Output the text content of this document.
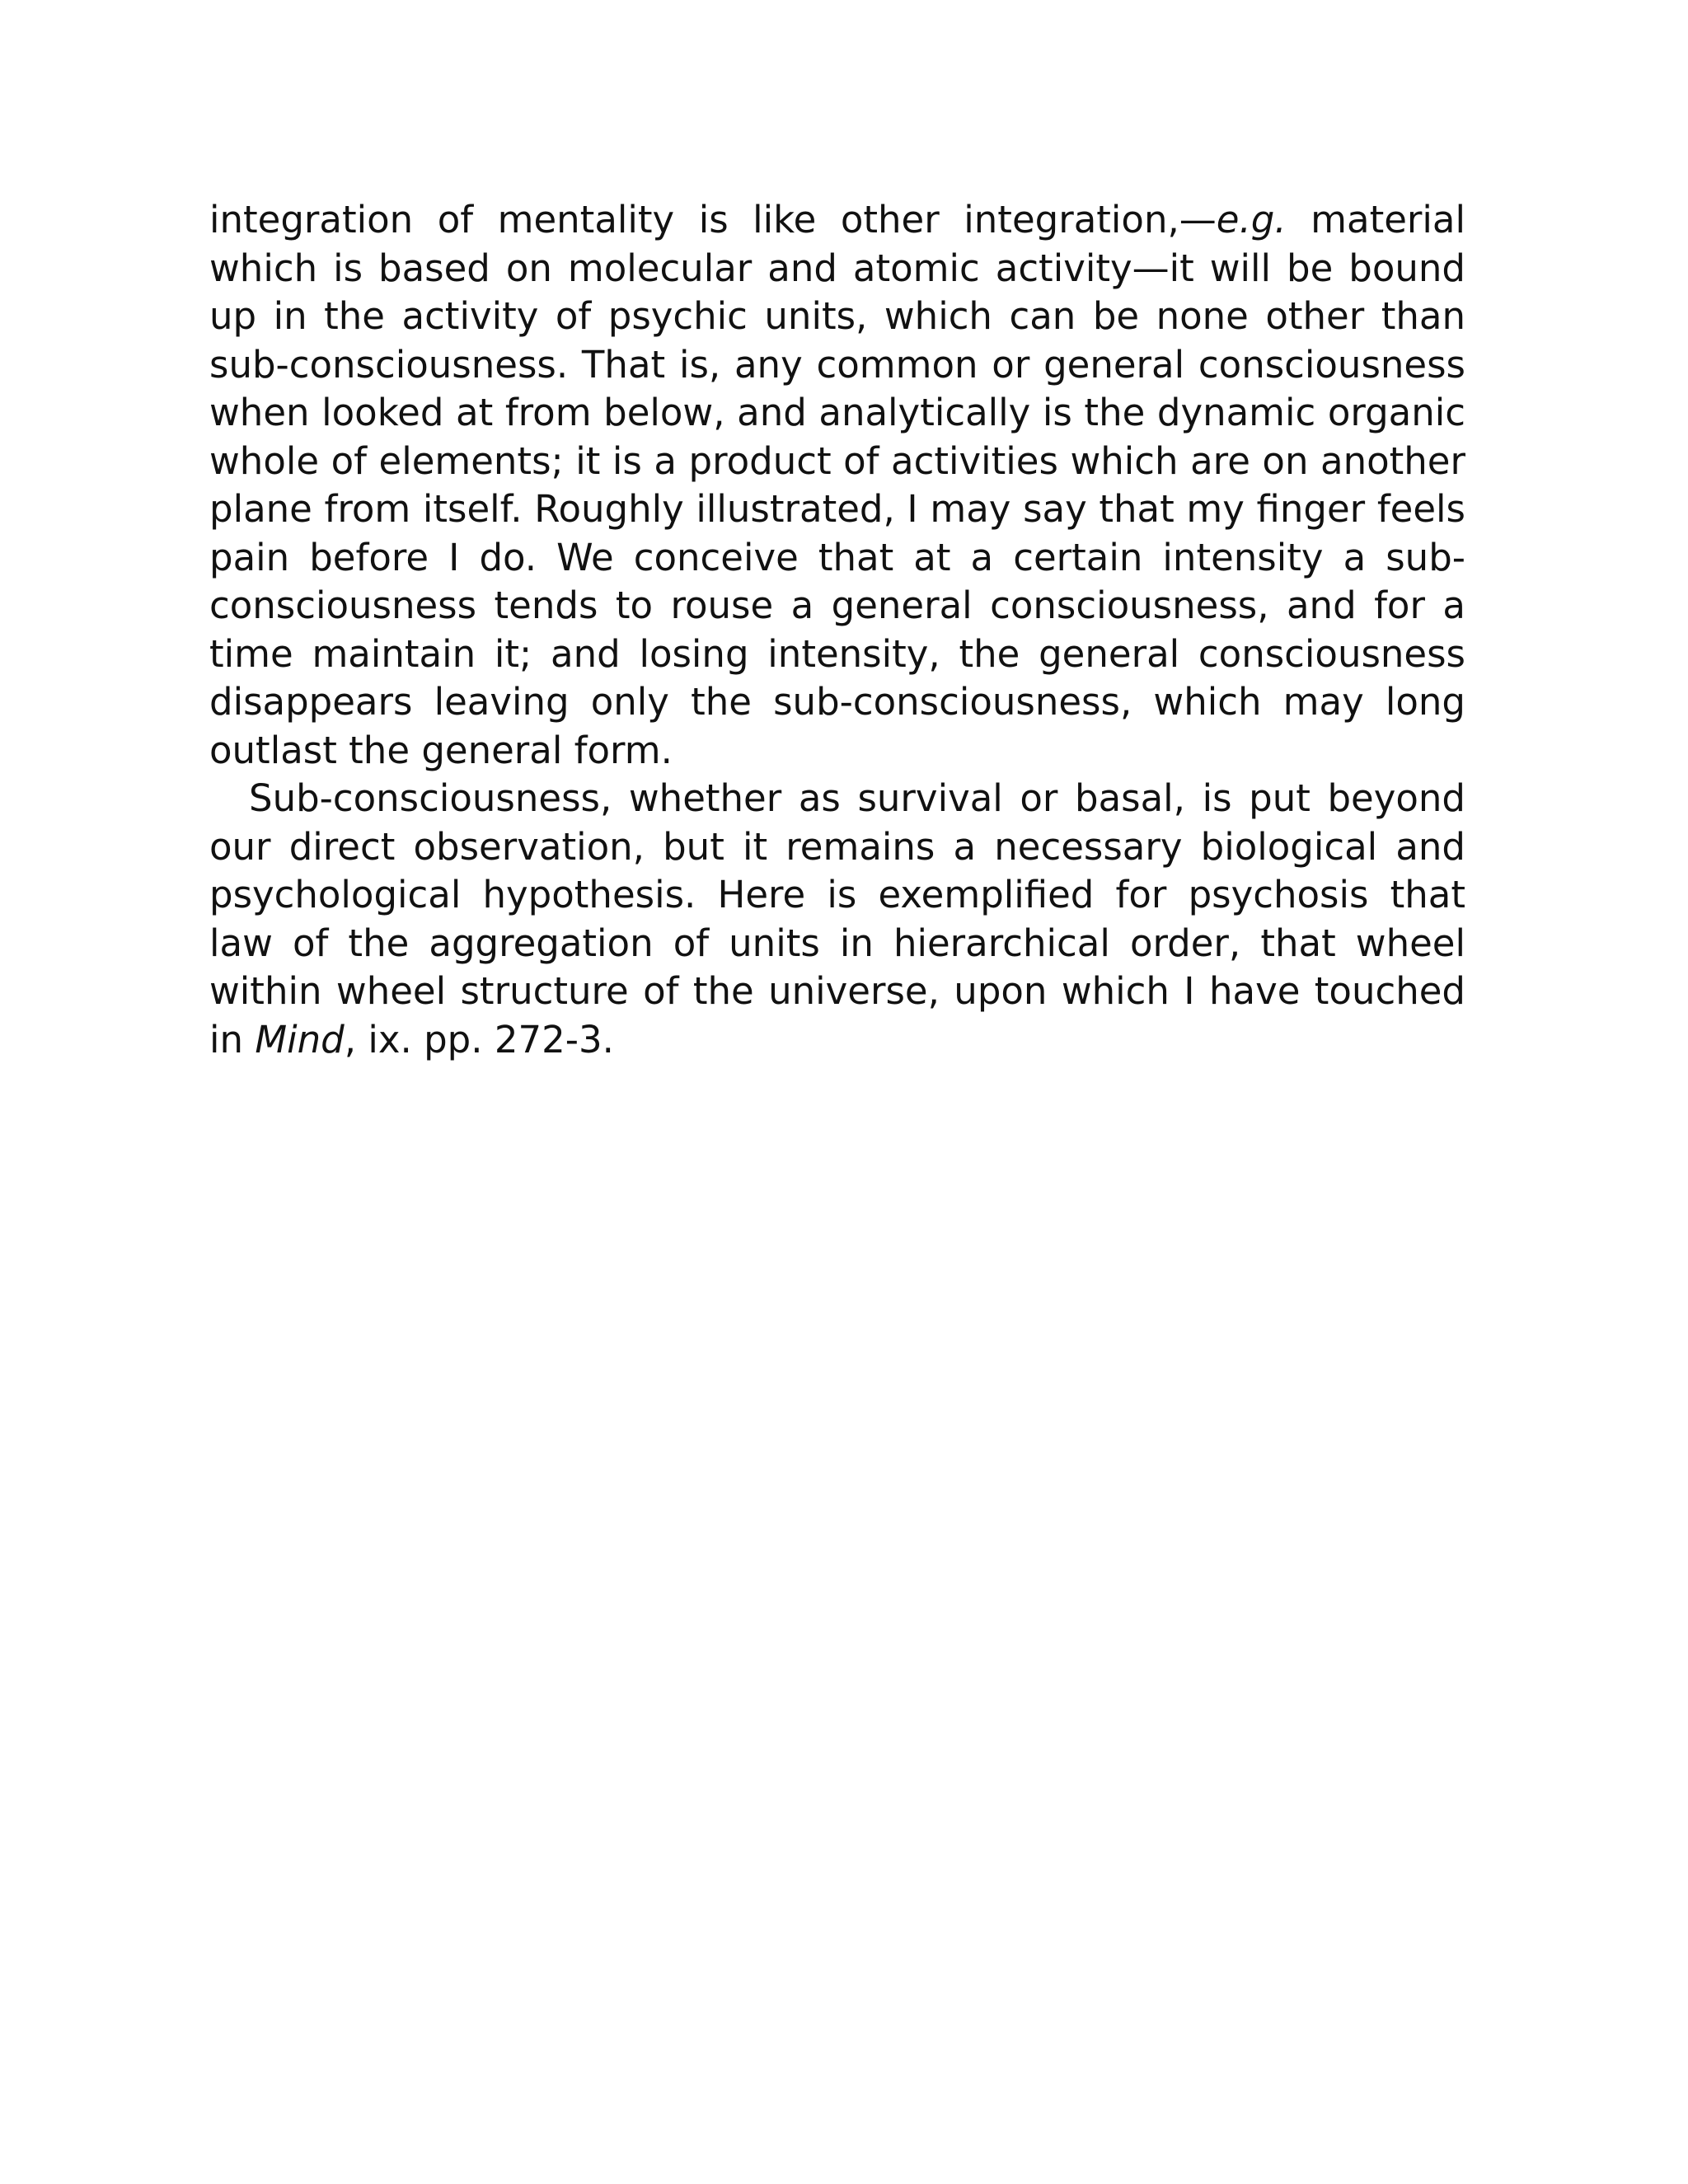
integration of mentality is like other integration,—e.g. material which is based on molecular and atomic activity—it will be bound up in the activity of psychic units, which can be none other than sub-consciousness. That is, any common or general consciousness when looked at from below, and analytically is the dynamic organic whole of elements; it is a product of activities which are on another plane from itself. Roughly illustrated, I may say that my finger feels pain before I do. We conceive that at a certain intensity a sub-consciousness tends to rouse a general consciousness, and for a time maintain it; and losing intensity, the general consciousness disappears leaving only the sub-consciousness, which may long outlast the general form.

Sub-consciousness, whether as survival or basal, is put beyond our direct observation, but it remains a necessary biological and psychological hypothesis. Here is exemplified for psychosis that law of the aggregation of units in hierarchical order, that wheel within wheel structure of the universe, upon which I have touched in Mind, ix. pp. 272-3.
